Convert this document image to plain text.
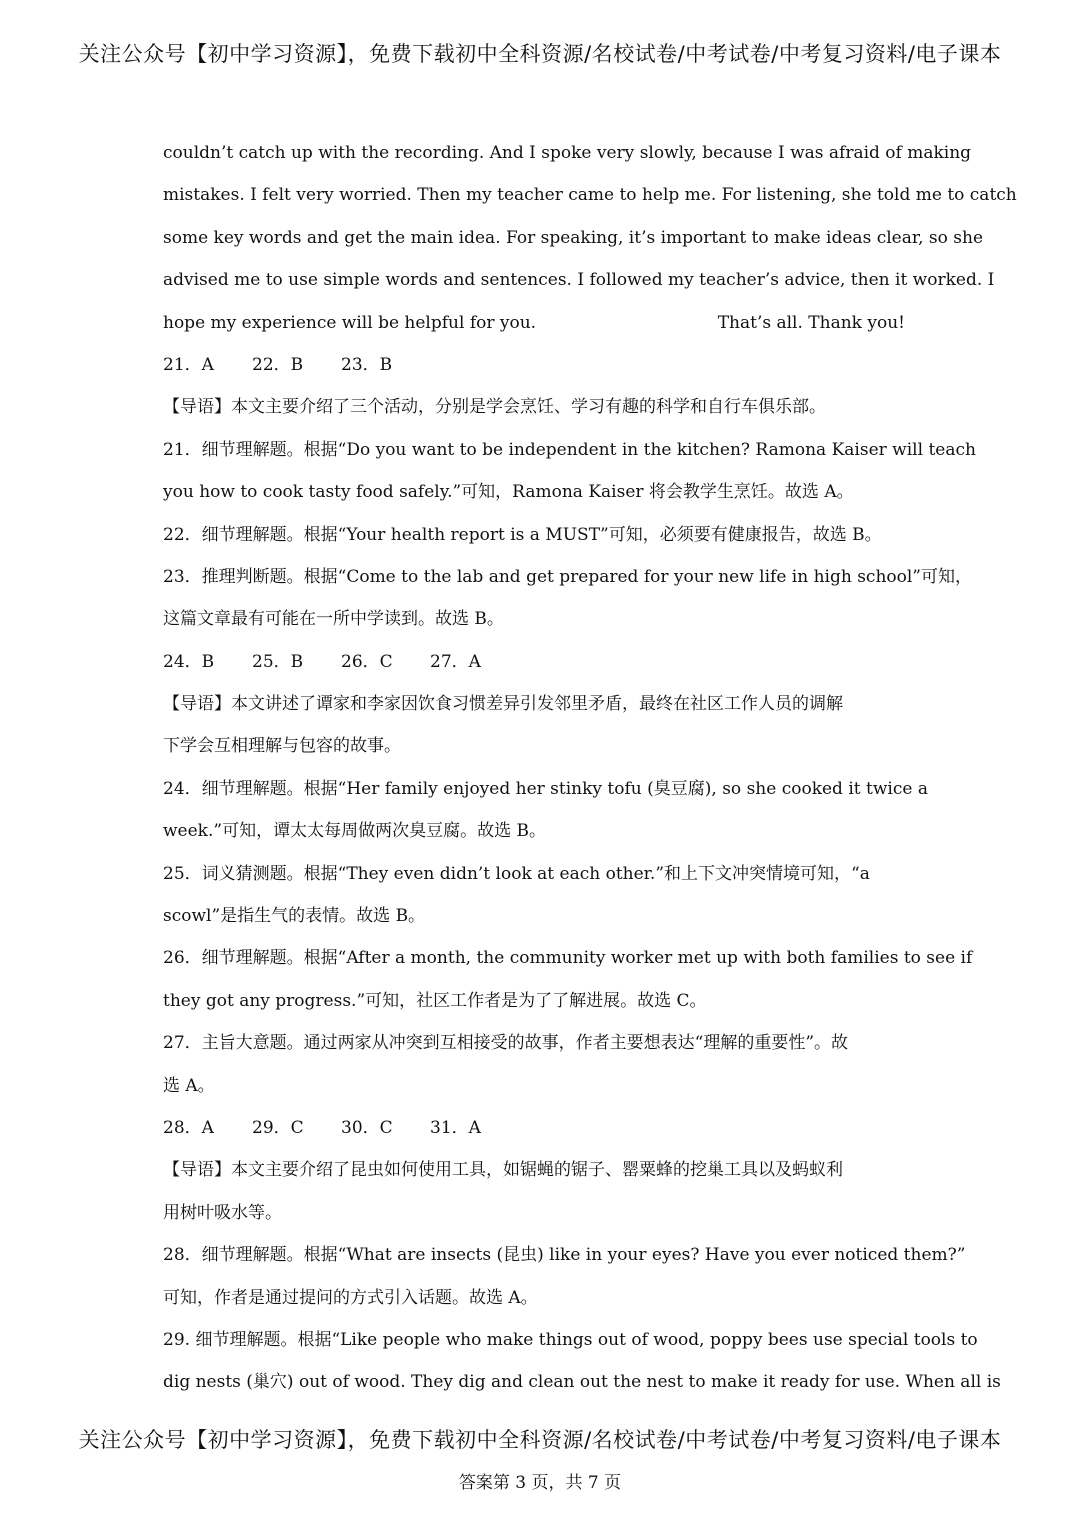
关注公众号【初中学习资源】，免费下载初中全科资源/名校试卷/中考试卷/中考复习资料/电子课本
couldn’t catch up with the recording. And I spoke very slowly, because I was afraid of making
mistakes. I felt very worried. Then my teacher came to help me. For listening, she told me to catch
some key words and get the main idea. For speaking, it’s important to make ideas clear, so she
advised me to use simple words and sentences. I followed my teacher’s advice, then it worked. I
hope my experience will be helpful for you.	That’s all. Thank you!
21．A 22．B 23．B
【导语】本文主要介绍了三个活动，分别是学会烹饪、学习有趣的科学和自行车俱乐部。
21．细节理解题。根据“Do you want to be independent in the kitchen? Ramona Kaiser will teach
you how to cook tasty food safely.”可知，Ramona Kaiser 将会教学生烹饪。故选 A。
22．细节理解题。根据“Your health report is a MUST”可知，必须要有健康报告，故选 B。
23．推理判断题。根据“Come to the lab and get prepared for your new life in high school”可知，
这篇文章最有可能在一所中学读到。故选 B。
24．B 25．B 26．C 27．A
【导语】本文讲述了谭家和李家因饮食习惯差异引发邻里矛盾，最终在社区工作人员的调解
下学会互相理解与包容的故事。
24．细节理解题。根据“Her family enjoyed her stinky tofu (臭豆腐), so she cooked it twice a
week.”可知，谭太太每周做两次臭豆腐。故选 B。
25．词义猜测题。根据“They even didn’t look at each other.”和上下文冲突情境可知，“a
scowl”是指生气的表情。故选 B。
26．细节理解题。根据“After a month, the community worker met up with both families to see if
they got any progress.”可知，社区工作者是为了了解进展。故选 C。
27．主旨大意题。通过两家从冲突到互相接受的故事，作者主要想表达“理解的重要性”。故
选 A。
28．A 29．C 30．C 31．A
【导语】本文主要介绍了昆虫如何使用工具，如锯蝇的锯子、罂粟蜂的挖巢工具以及蚂蚁利
用树叶吸水等。
28．细节理解题。根据“What are insects (昆虫) like in your eyes? Have you ever noticed them?”
可知，作者是通过提问的方式引入话题。故选 A。
29. 细节理解题。根据“Like people who make things out of wood, poppy bees use special tools to
dig nests (巢穴) out of wood. They dig and clean out the nest to make it ready for use. When all is
关注公众号【初中学习资源】，免费下载初中全科资源/名校试卷/中考试卷/中考复习资料/电子课本
答案第 3 页，共 7 页
